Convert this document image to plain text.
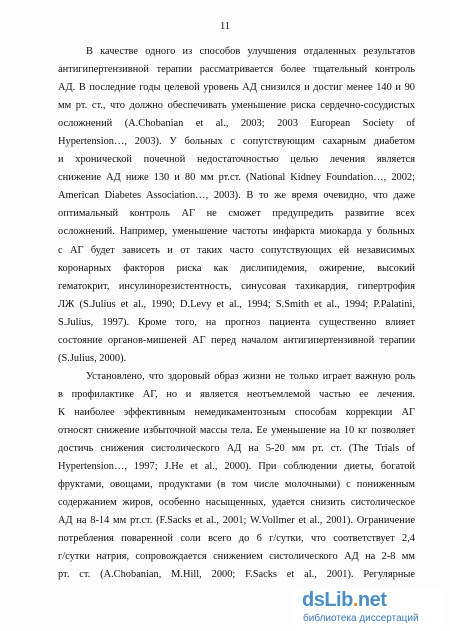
11
В качестве одного из способов улучшения отдаленных результатов
антигипертензивной терапии рассматривается более тщательный контроль
АД. В последние годы целевой уровень АД снизился и достиг менее 140 и 90
мм рт. ст., что должно обеспечивать уменьшение риска сердечно-сосудистых
осложнений (A.Chobanian et al., 2003; 2003 European Society of
Hypertension…, 2003). У больных с сопутствующим сахарным диабетом
и хронической почечной недостаточностью целью лечения является
снижение АД ниже 130 и 80 мм рт.ст. (National Kidney Foundation…, 2002;
American Diabetes Association…, 2003). В то же время очевидно, что даже
оптимальный контроль АГ не сможет предупредить развитие всех
осложнений. Например, уменьшение частоты инфаркта миокарда у больных
с АГ будет зависеть и от таких часто сопутствующих ей независимых
коронарных факторов риска как дислипидемия, ожирение, высокий
гематокрит, инсулинорезистентность, синусовая тахикардия, гипертрофия
ЛЖ (S.Julius et al., 1990; D.Levy et al., 1994; S.Smith et al., 1994; P.Palatini,
S.Julius, 1997). Кроме того, на прогноз пациента существенно влияет
состояние органов-мишеней АГ перед началом антигипертензивной терапии
(S.Julius, 2000).
Установлено, что здоровый образ жизни не только играет важную роль
в профилактике АГ, но и является неотъемлемой частью ее лечения.
К наиболее эффективным немедикаментозным способам коррекции АГ
относят снижение избыточной массы тела. Ее уменьшение на 10 кг позволяет
достичь снижения систолического АД на 5-20 мм рт. ст. (The Trials of
Hypertension…, 1997; J.He et al., 2000). При соблюдении диеты, богатой
фруктами, овощами, продуктами (в том числе молочными) с пониженным
содержанием жиров, особенно насыщенных, удается снизить систолическое
АД на 8-14 мм рт.ст. (F.Sacks et al., 2001; W.Vollmer et al., 2001). Ограничение
потребления поваренной соли всего до 6 г/сутки, что соответствует 2,4
г/сутки натрия, сопровождается снижением систолического АД на 2-8 мм
рт. ст. (A.Chobanian, M.Hill, 2000; F.Sacks et al., 2001). Регулярные
dsLib.net
библиотека диссертаций
